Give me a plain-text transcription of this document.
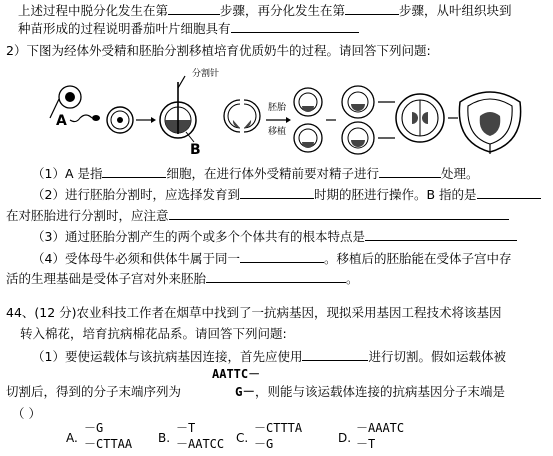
上述过程中脱分化发生在第	步骤，再分化发生在第	步骤，从叶组织块到
种苗形成的过程说明番茄叶片细胞具有
2）下图为经体外受精和胚胎分割移植培育优质奶牛的过程。请回答下列问题:
A
分割针
B
胚胎
移植
（1）A 是指	细胞，在进行体外受精前要对精子进行	处理。
（2）进行胚胎分割时，应选择发育到	时期的胚进行操作。B 指的是
在对胚胎进行分割时，应注意
（3）通过胚胎分割产生的两个或多个个体共有的根本特点是
（4）受体母牛必须和供体牛属于同一	。移植后的胚胎能在受体子宫中存
活的生理基础是受体子宫对外来胚胎	。
44、(12 分)农业科技工作者在烟草中找到了一抗病基因，现拟采用基因工程技术将该基因
转入棉花，培育抗病棉花品系。请回答下列问题:
（1）要使运载体与该抗病基因连接，首先应使用	进行切割。假如运载体被
AATTC－
切割后，得到的分子末端序列为	G－，则能与该运载体连接的抗病基因分子末端是
（ ）
A.
－G
－CTTAA B.
－T
－AATCC C.
－CTTTA
－G	D.
－AAATC
－T
